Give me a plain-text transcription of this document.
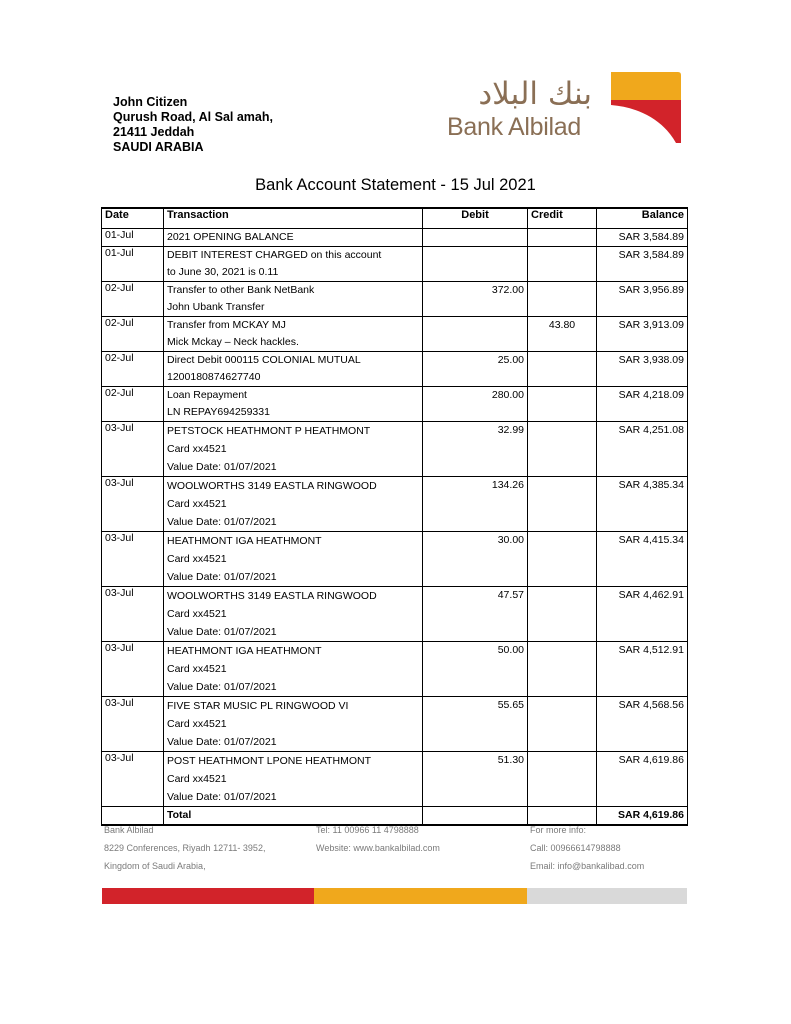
John Citizen
Qurush Road, Al Sal amah,
21411 Jeddah
SAUDI ARABIA
بنك البلاد
Bank Albilad
Bank Account Statement - 15 Jul 2021
Date	Transaction	Debit	Credit	Balance
01-Jul	2021 OPENING BALANCE			SAR 3,584.89

01-Jul	DEBIT INTEREST CHARGED on this account
to June 30, 2021 is 0.11			SAR 3,584.89

02-Jul	Transfer to other Bank NetBank
John Ubank Transfer	372.00		SAR 3,956.89

02-Jul	Transfer from MCKAY MJ
Mick Mckay – Neck hackles.		43.80	SAR 3,913.09

02-Jul	Direct Debit 000115 COLONIAL MUTUAL
1200180874627740	25.00		SAR 3,938.09

02-Jul	Loan Repayment
LN REPAY694259331	280.00		SAR 4,218.09

03-Jul	PETSTOCK HEATHMONT P HEATHMONT
Card xx4521
Value Date: 01/07/2021	32.99		SAR 4,251.08

03-Jul	WOOLWORTHS 3149 EASTLA RINGWOOD
Card xx4521
Value Date: 01/07/2021	134.26		SAR 4,385.34

03-Jul	HEATHMONT IGA HEATHMONT
Card xx4521
Value Date: 01/07/2021	30.00		SAR 4,415.34

03-Jul	WOOLWORTHS 3149 EASTLA RINGWOOD
Card xx4521
Value Date: 01/07/2021	47.57		SAR 4,462.91

03-Jul	HEATHMONT IGA HEATHMONT
Card xx4521
Value Date: 01/07/2021	50.00		SAR 4,512.91

03-Jul	FIVE STAR MUSIC PL RINGWOOD VI
Card xx4521
Value Date: 01/07/2021	55.65		SAR 4,568.56

03-Jul	POST HEATHMONT LPONE HEATHMONT
Card xx4521
Value Date: 01/07/2021	51.30		SAR 4,619.86

	Total			SAR 4,619.86
Bank Albilad
8229 Conferences, Riyadh 12711- 3952,
Kingdom of Saudi Arabia,
Tel: 11 00966 11 4798888
Website: www.bankalbilad.com
For more info:
Call: 00966614798888
Email: info@bankalibad.com
